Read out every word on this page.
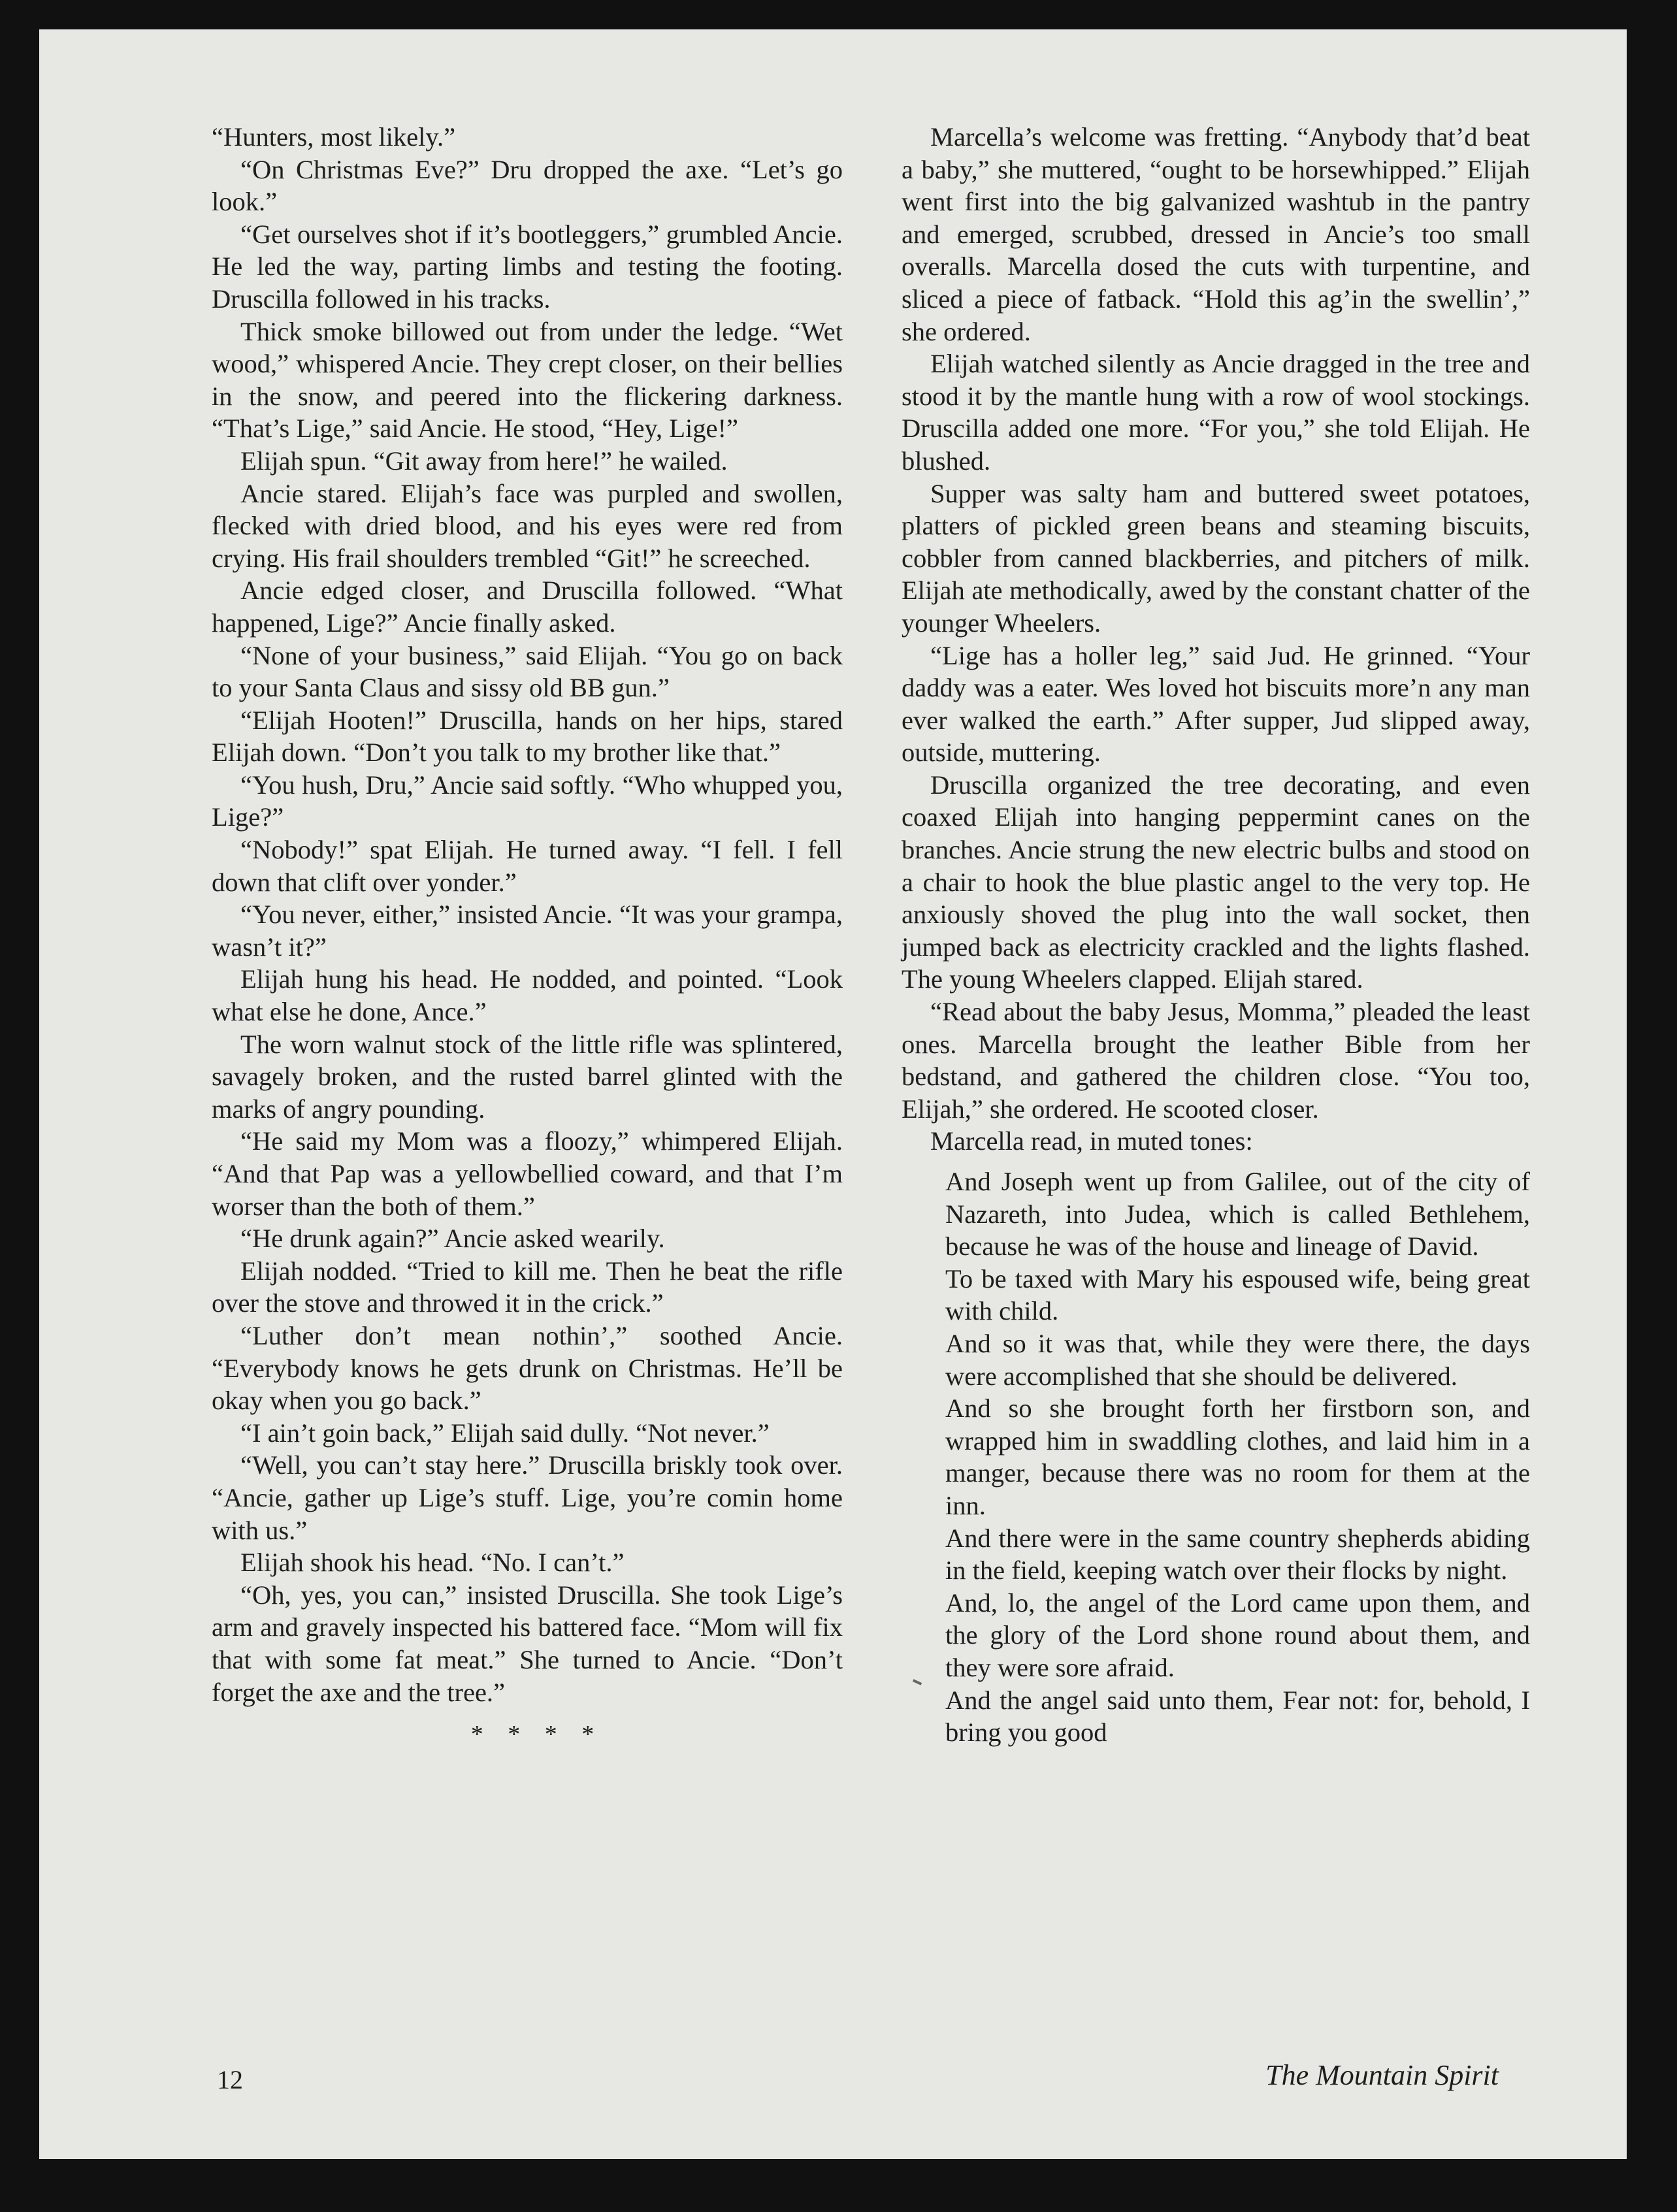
“Hunters, most likely.”

“On Christmas Eve?” Dru dropped the axe. “Let’s go look.”

“Get ourselves shot if it’s bootleggers,” grumbled Ancie. He led the way, parting limbs and testing the footing. Druscilla followed in his tracks.

Thick smoke billowed out from under the ledge. “Wet wood,” whispered Ancie. They crept closer, on their bellies in the snow, and peered into the flickering darkness. “That’s Lige,” said Ancie. He stood, “Hey, Lige!”

Elijah spun. “Git away from here!” he wailed.

Ancie stared. Elijah’s face was purpled and swollen, flecked with dried blood, and his eyes were red from crying. His frail shoulders trembled “Git!” he screeched.

Ancie edged closer, and Druscilla followed. “What happened, Lige?” Ancie finally asked.

“None of your business,” said Elijah. “You go on back to your Santa Claus and sissy old BB gun.”

“Elijah Hooten!” Druscilla, hands on her hips, stared Elijah down. “Don’t you talk to my brother like that.”

“You hush, Dru,” Ancie said softly. “Who whupped you, Lige?”

“Nobody!” spat Elijah. He turned away. “I fell. I fell down that clift over yonder.”

“You never, either,” insisted Ancie. “It was your grampa, wasn’t it?”

Elijah hung his head. He nodded, and pointed. “Look what else he done, Ance.”

The worn walnut stock of the little rifle was splintered, savagely broken, and the rusted barrel glinted with the marks of angry pounding.

“He said my Mom was a floozy,” whimpered Elijah. “And that Pap was a yellowbellied coward, and that I’m worser than the both of them.”

“He drunk again?” Ancie asked wearily.

Elijah nodded. “Tried to kill me. Then he beat the rifle over the stove and throwed it in the crick.”

“Luther don’t mean nothin’,” soothed Ancie. “Everybody knows he gets drunk on Christmas. He’ll be okay when you go back.”

“I ain’t goin back,” Elijah said dully. “Not never.”

“Well, you can’t stay here.” Druscilla briskly took over. “Ancie, gather up Lige’s stuff. Lige, you’re comin home with us.”

Elijah shook his head. “No. I can’t.”

“Oh, yes, you can,” insisted Druscilla. She took Lige’s arm and gravely inspected his battered face. “Mom will fix that with some fat meat.” She turned to Ancie. “Don’t forget the axe and the tree.”

* * * *

Marcella’s welcome was fretting. “Anybody that’d beat a baby,” she muttered, “ought to be horsewhipped.” Elijah went first into the big galvanized washtub in the pantry and emerged, scrubbed, dressed in Ancie’s too small overalls. Marcella dosed the cuts with turpentine, and sliced a piece of fatback. “Hold this ag’in the swellin’,” she ordered.

Elijah watched silently as Ancie dragged in the tree and stood it by the mantle hung with a row of wool stockings. Druscilla added one more. “For you,” she told Elijah. He blushed.

Supper was salty ham and buttered sweet potatoes, platters of pickled green beans and steaming biscuits, cobbler from canned blackberries, and pitchers of milk. Elijah ate methodically, awed by the constant chatter of the younger Wheelers.

“Lige has a holler leg,” said Jud. He grinned. “Your daddy was a eater. Wes loved hot biscuits more’n any man ever walked the earth.” After supper, Jud slipped away, outside, muttering.

Druscilla organized the tree decorating, and even coaxed Elijah into hanging peppermint canes on the branches. Ancie strung the new electric bulbs and stood on a chair to hook the blue plastic angel to the very top. He anxiously shoved the plug into the wall socket, then jumped back as electricity crackled and the lights flashed. The young Wheelers clapped. Elijah stared.

“Read about the baby Jesus, Momma,” pleaded the least ones. Marcella brought the leather Bible from her bedstand, and gathered the children close. “You too, Elijah,” she ordered. He scooted closer.

Marcella read, in muted tones:

And Joseph went up from Galilee, out of the city of Nazareth, into Judea, which is called Bethlehem, because he was of the house and lineage of David.

To be taxed with Mary his espoused wife, being great with child.

And so it was that, while they were there, the days were accomplished that she should be delivered.

And so she brought forth her firstborn son, and wrapped him in swaddling clothes, and laid him in a manger, because there was no room for them at the inn.

And there were in the same country shepherds abiding in the field, keeping watch over their flocks by night.

And, lo, the angel of the Lord came upon them, and the glory of the Lord shone round about them, and they were sore afraid.

And the angel said unto them, Fear not: for, behold, I bring you good

12	The Mountain Spirit
